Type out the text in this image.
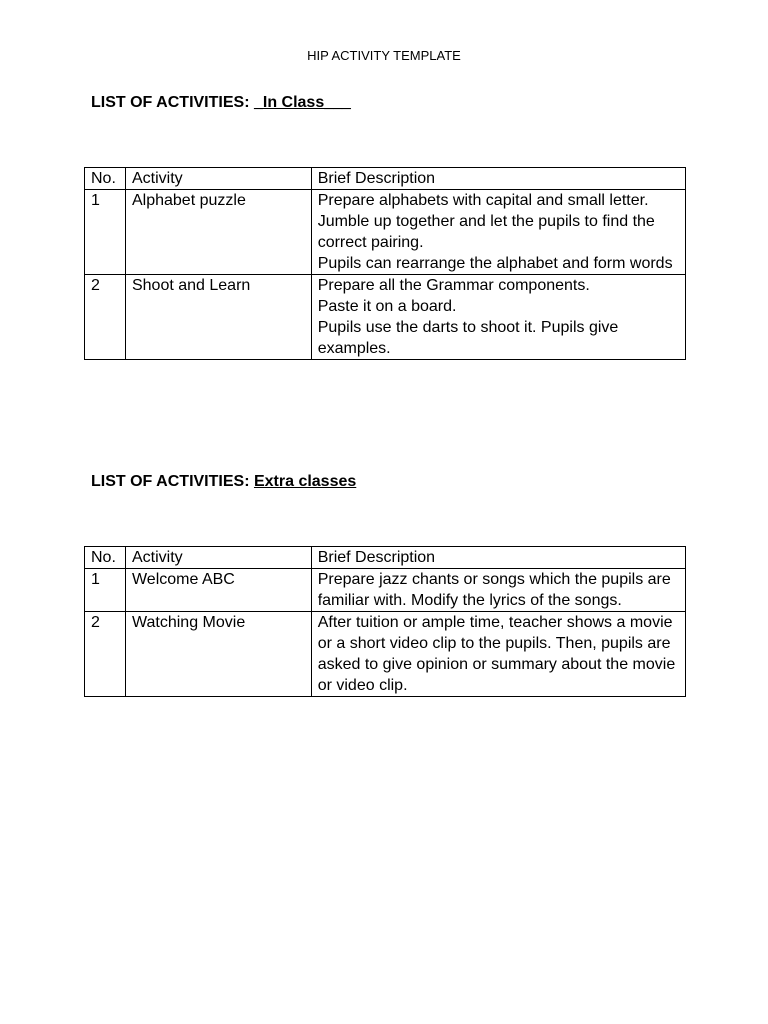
HIP ACTIVITY TEMPLATE
LIST OF ACTIVITIES: _In Class___
No.	Activity	Brief Description
1	Alphabet puzzle	Prepare alphabets with capital and small letter.
Jumble up together and let the pupils to find the correct pairing.
Pupils can rearrange the alphabet and form words

2	Shoot and Learn	Prepare all the Grammar components.
Paste it on a board.
Pupils use the darts to shoot it. Pupils give examples.
LIST OF ACTIVITIES: Extra classes
No.	Activity	Brief Description
1	Welcome ABC	Prepare jazz chants or songs which the pupils are familiar with. Modify the lyrics of the songs.

2	Watching Movie	After tuition or ample time, teacher shows a movie or a short video clip to the pupils. Then, pupils are asked to give opinion or summary about the movie or video clip.
